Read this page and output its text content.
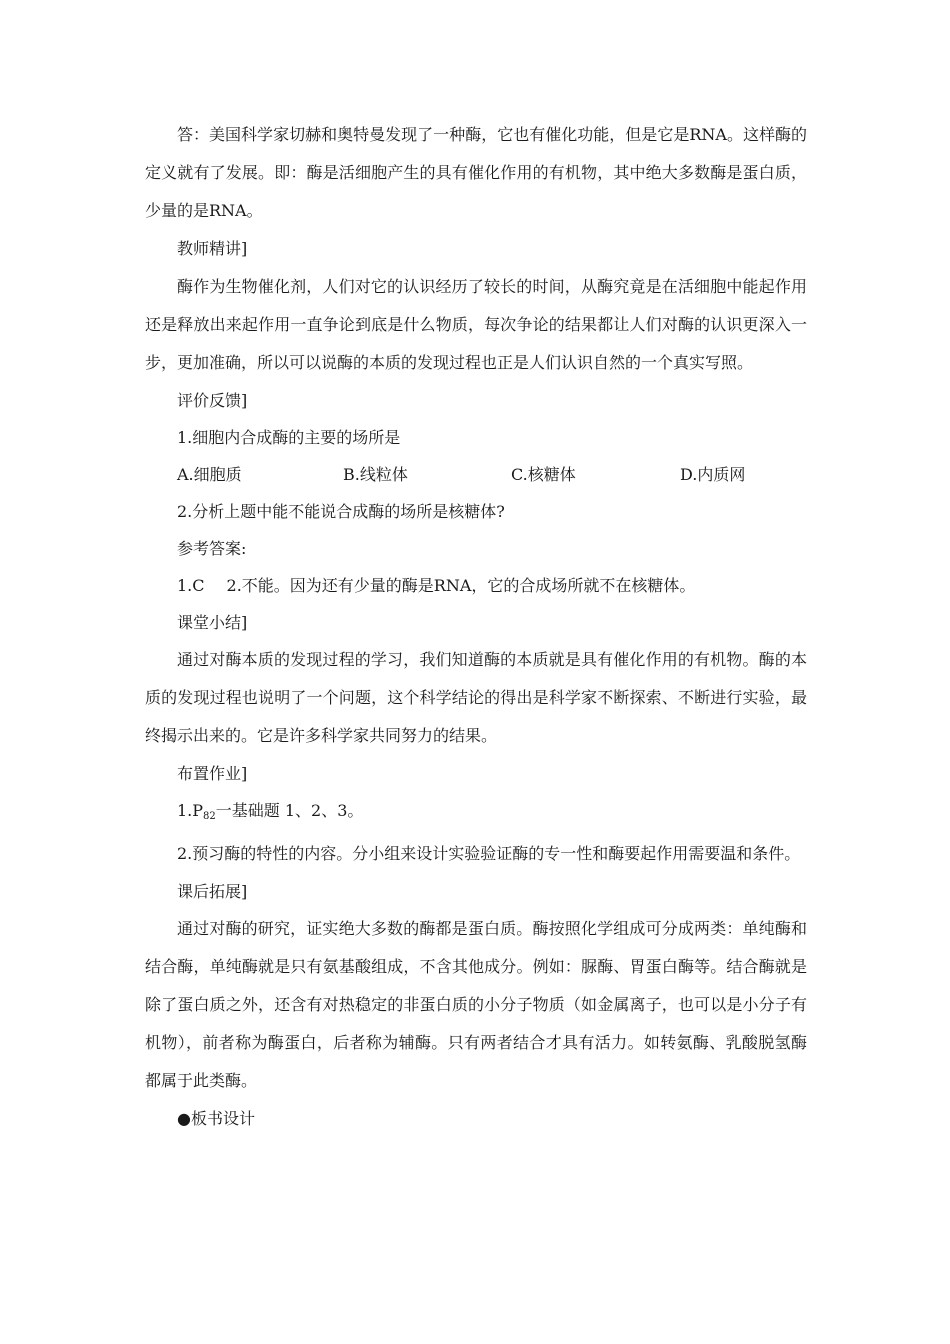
答：美国科学家切赫和奥特曼发现了一种酶，它也有催化功能，但是它是RNA。这样酶的定义就有了发展。即：酶是活细胞产生的具有催化作用的有机物，其中绝大多数酶是蛋白质，少量的是RNA。

教师精讲]

酶作为生物催化剂，人们对它的认识经历了较长的时间，从酶究竟是在活细胞中能起作用还是释放出来起作用一直争论到底是什么物质，每次争论的结果都让人们对酶的认识更深入一步，更加准确，所以可以说酶的本质的发现过程也正是人们认识自然的一个真实写照。

评价反馈]

1.细胞内合成酶的主要的场所是

A.细胞质	B.线粒体	C.核糖体	D.内质网

2.分析上题中能不能说合成酶的场所是核糖体?

参考答案:

1.C 2.不能。因为还有少量的酶是RNA，它的合成场所就不在核糖体。

课堂小结]

通过对酶本质的发现过程的学习，我们知道酶的本质就是具有催化作用的有机物。酶的本质的发现过程也说明了一个问题，这个科学结论的得出是科学家不断探索、不断进行实验，最终揭示出来的。它是许多科学家共同努力的结果。

布置作业]

$1.P_{82}$一基础题 1、2、3。

2.预习酶的特性的内容。分小组来设计实验验证酶的专一性和酶要起作用需要温和条件。

课后拓展]

通过对酶的研究，证实绝大多数的酶都是蛋白质。酶按照化学组成可分成两类：单纯酶和结合酶，单纯酶就是只有氨基酸组成，不含其他成分。例如：脲酶、胃蛋白酶等。结合酶就是除了蛋白质之外，还含有对热稳定的非蛋白质的小分子物质（如金属离子，也可以是小分子有机物），前者称为酶蛋白，后者称为辅酶。只有两者结合才具有活力。如转氨酶、乳酸脱氢酶都属于此类酶。

●板书设计
